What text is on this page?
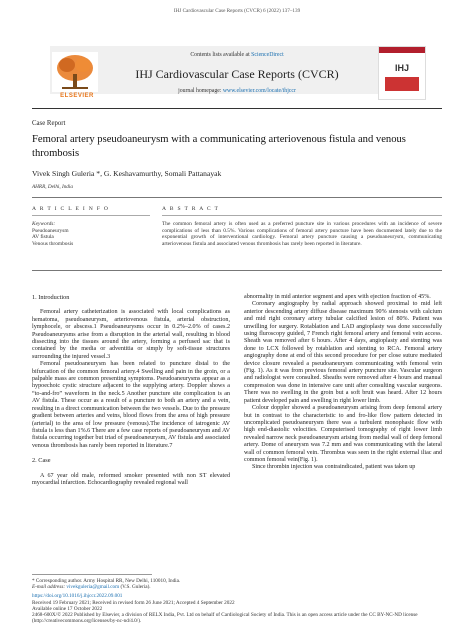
IHJ Cardiovascular Case Reports (CVCR) 6 (2022) 137–139
ELSEVIER
Contents lists available at ScienceDirect
IHJ Cardiovascular Case Reports (CVCR)
journal homepage: www.elsevier.com/locate/ihjccr
IHJ
Case Report
Femoral artery pseudoaneurysm with a communicating arteriovenous fistula and venous thrombosis
Vivek Singh Guleria *, G. Keshavamurthy, Somali Pattanayak
AHRR, Delhi, India
A R T I C L E I N F O	A B S T R A C T
Keywords:
Pseudoaneurysm
AV fistula
Venous thrombosis
The common femoral artery is often used as a preferred puncture site in various procedures with an incidence of severe complications of less than 0.5%. Various complications of femoral artery puncture have been documented lately due to the exponential growth of interventional cardiology. Femoral artery puncture causing a pseudoaneurysm, communicating arteriovenous fistula and associated venous thrombosis has rarely been reported in literature.

1. Introduction

Femoral artery catheterization is associated with local complications as hematoma, pseudoaneurysm, arteriovenous fistula, arterial obstruction, lymphocele, or abscess.1 Pseudoaneurysms occur in 0.2%–2.0% of cases.2 Pseudoaneurysms arise from a disruption in the arterial wall, resulting in blood dissecting into the tissues around the artery, forming a perfused sac that is contained by the media or adventitia or simply by soft-tissue structures surrounding the injured vessel.3

Femoral pseudoaneurysm has been related to puncture distal to the bifurcation of the common femoral artery.4 Swelling and pain in the groin, or a palpable mass are common presenting symptoms. Pseudoaneurysms appear as a hypoechoic cystic structure adjacent to the supplying artery. Doppler shows a “to-and-fro” waveform in the neck.5 Another puncture site complication is an AV fistula. These occur as a result of a puncture to both an artery and a vein, resulting in a direct communication between the two vessels. Due to the pressure gradient between arteries and veins, blood flows from the area of high pressure (arterial) to the area of low pressure (venous).The incidence of iatrogenic AV fistula is less than 1%.6 There are a few case reports of pseudoaneurysm and AV fistula occurring together but triad of pseudoaneurysm, AV fistula and associated venous thrombosis has rarely been reported in literature.7

2. Case

A 67 year old male, reformed smoker presented with non ST elevated myocardial infarction. Echocardiography revealed regional wall

abnormality in mid anterior segment and apex with ejection fraction of 45%.

Coronary angiography by radial approach showed proximal to mid left anterior descending artery diffuse disease maximum 90% stenosis with calcium and mid right coronary artery tubular calcified lesion of 80%. Patient was unwilling for surgery. Rotablation and LAD angioplasty was done successfully using fluroscopy guided, 7 French right femoral artery and femoral vein access. Sheath was removed after 6 hours. After 4 days, angioplasty and stenting was done to LCX followed by rotablation and stenting to RCA. Femoral artery angiography done at end of this second procedure for per close suture mediated device closure revealed a pseudoaneurysm communicating with femoral vein (Fig. 1). As it was from previous femoral artery puncture site. Vascular surgeon and radiologist were consulted. Sheaths were removed after 4 hours and manual compression was done in intensive care unit after consulting vascular surgeons. There was no swelling in the groin but a soft bruit was heard. After 12 hours patient developed pain and swelling in right lower limb.

Colour doppler showed a pseudoaneurysm arising from deep femoral artery but in contrast to the characteristic to and fro-like flow pattern detected in uncomplicated pseudoaneurysm there was a turbulent monophasic flow with high end-diastolic velocities. Computerised tomography of right lower limb revealed narrow neck pseudoaneurysm arising from medial wall of deep femoral artery. Dome of aneurysm was 7.2 mm and was communicating with the lateral wall of common femoral vein. Thrombus was seen in the right external iliac and common femoral vein(Fig. 1).

Since thrombin injection was contraindicated, patient was taken up

* Corresponding author. Army Hospital RR, New Delhi, 110010, India.
E-mail address: vivekguleria@gmail.com (V.S. Guleria).
https://doi.org/10.1016/j.ihjccr.2022.09.001
Received 19 February 2021; Received in revised form 26 June 2021; Accepted 4 September 2022
Available online 17 October 2022
2468-600X/© 2022 Published by Elsevier, a division of RELX India, Pvt. Ltd on behalf of Cardiological Society of India. This is an open access article under the CC BY-NC-ND license (http://creativecommons.org/licenses/by-nc-nd/4.0/).
